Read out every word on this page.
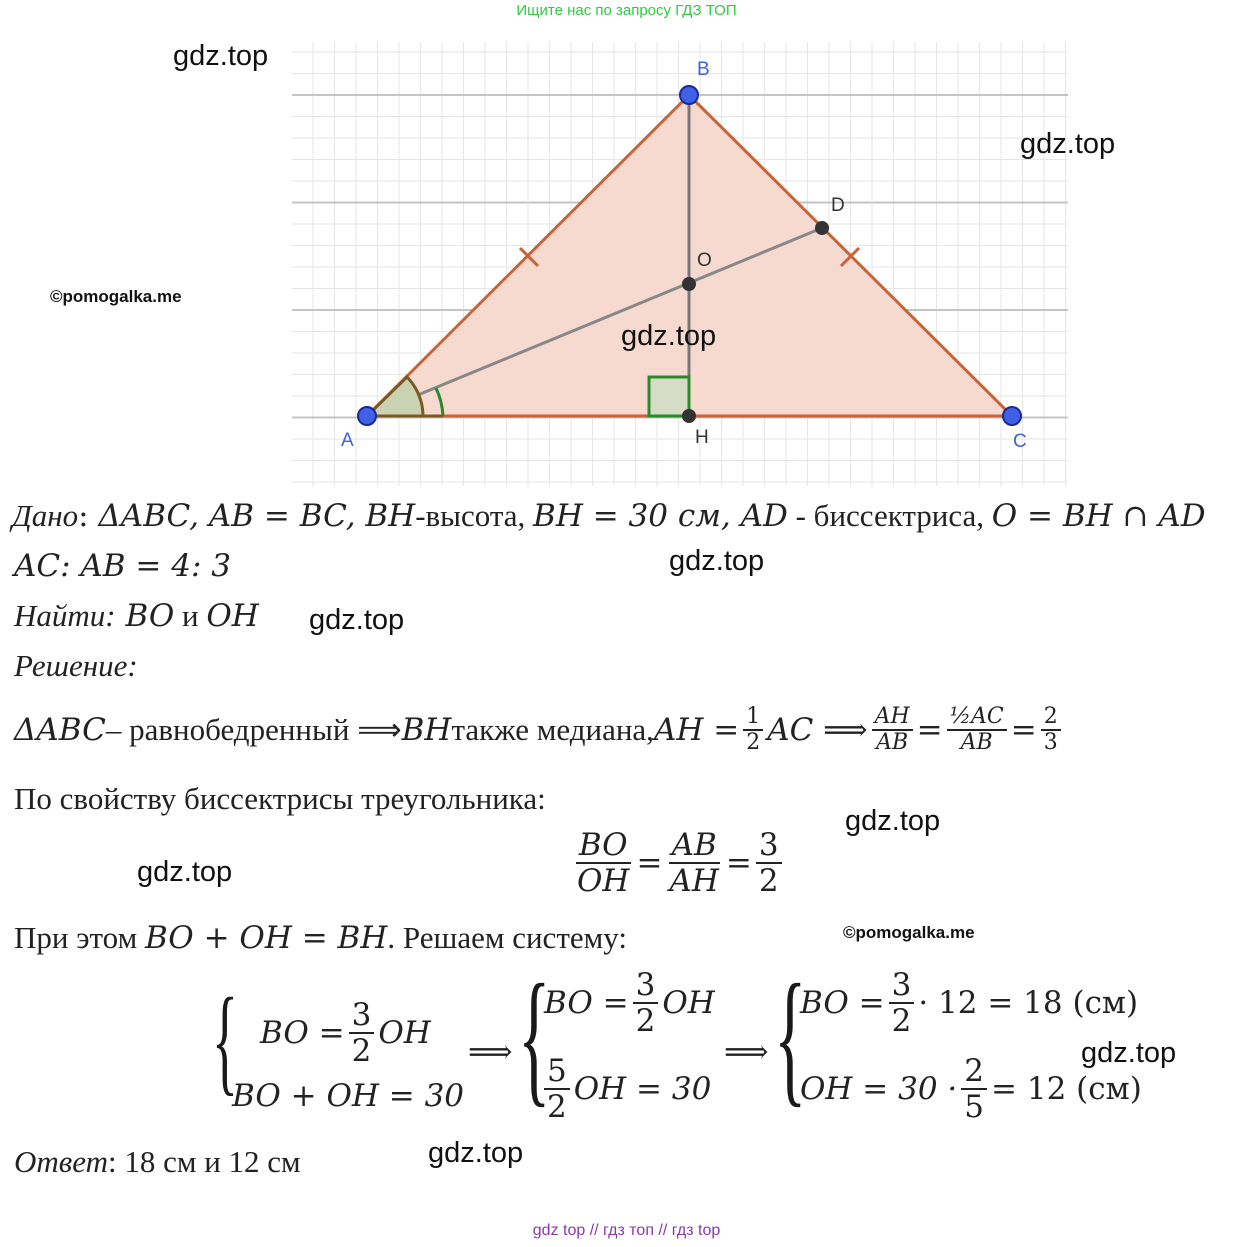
Ищите нас по запросу ГДЗ ТОП
A
B
C
D
O
H
gdz.top
gdz.top
©pomogalka.me
gdz.top
Дано: ΔABC, AB = BC, BH-высота, BH = 30 см, AD - биссектриса, O = BH ∩ AD
AC: AB = 4: 3	gdz.top
Найти: BO и OH gdz.top
Решение:
ΔABC – равнобедренный ⟹ BH также медиана, AH = $\frac{1}{2}$ AC ⟹ $\frac{AH}{AB} = \frac{\text{½AC}}{AB} = \frac{2}{3}$
По свойству биссектрисы треугольника:
gdz.top
gdz.top	$\frac{BO}{OH} = \frac{AB}{AH} = \frac{3}{2}$
При этом BO + OH = BH. Решаем систему:	©pomogalka.me
{ BO = $\frac{3}{2}$ OH
BO + OH = 30
⟹ {
BO = $\frac{3}{2}$ OH
$\frac{5}{2}$ OH = 30
⟹ {
BO = $\frac{3}{2} \cdot 12 = 18$ (см)
OH = $30 \cdot \frac{2}{5} = 12$ (см)
gdz.top
Ответ: 18 см и 12 см	gdz.top
gdz top // гдз топ // гдз top
